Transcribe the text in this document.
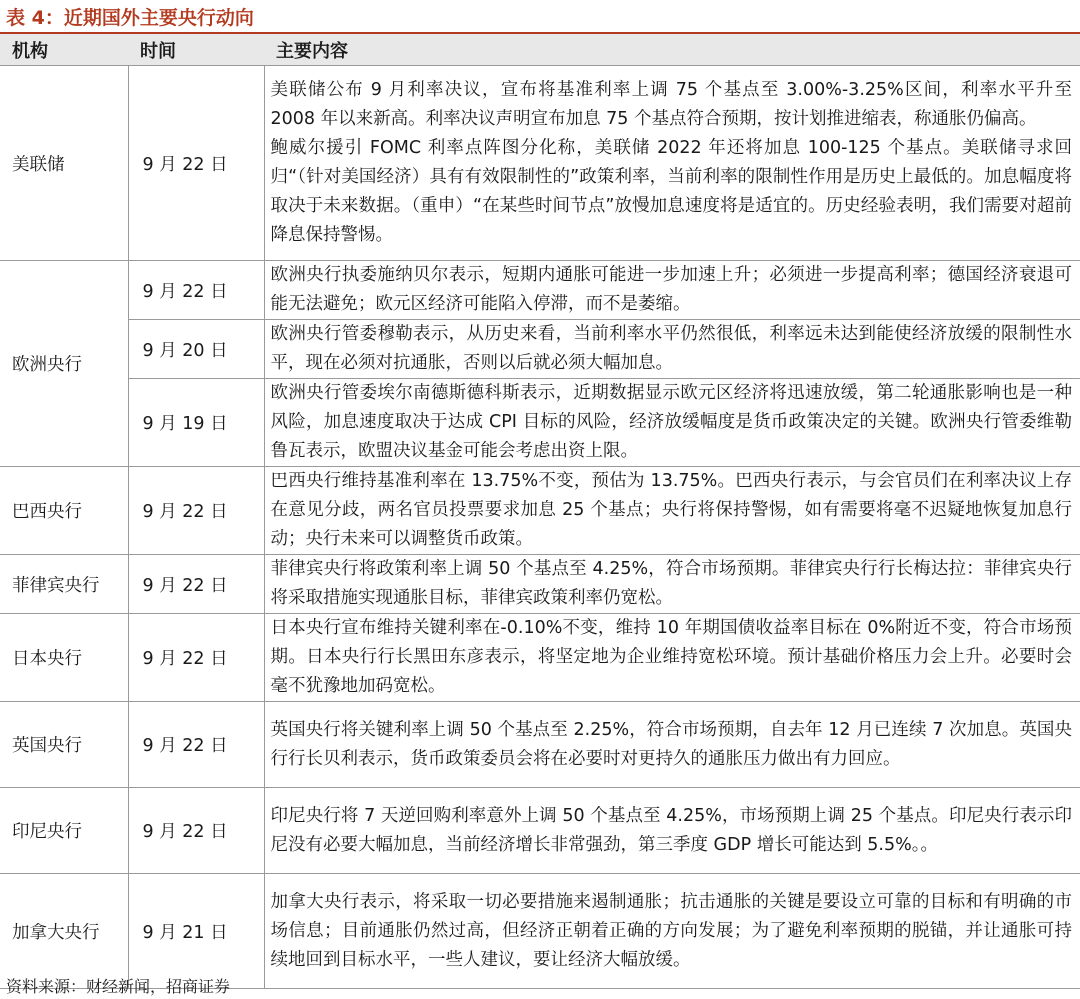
表 4：近期国外主要央行动向
机构	时间	主要内容
美联储	9 月 22 日	美联储公布 9 月利率决议，宣布将基准利率上调 75 个基点至 3.00%-3.25%区间，利率水平升至 2008 年以来新高。利率决议声明宣布加息 75 个基点符合预期，按计划推进缩表，称通胀仍偏高。

鲍威尔援引 FOMC 利率点阵图分化称，美联储 2022 年还将加息 100-125 个基点。美联储寻求回归“（针对美国经济）具有有效限制性的”政策利率，当前利率的限制性作用是历史上最低的。加息幅度将取决于未来数据。（重申）“在某些时间节点”放慢加息速度将是适宜的。历史经验表明，我们需要对超前降息保持警惕。

欧洲央行	9 月 22 日	欧洲央行执委施纳贝尔表示，短期内通胀可能进一步加速上升；必须进一步提高利率；德国经济衰退可能无法避免；欧元区经济可能陷入停滞，而不是萎缩。

	9 月 20 日	欧洲央行管委穆勒表示，从历史来看，当前利率水平仍然很低，利率远未达到能使经济放缓的限制性水平，现在必须对抗通胀，否则以后就必须大幅加息。

	9 月 19 日	欧洲央行管委埃尔南德斯德科斯表示，近期数据显示欧元区经济将迅速放缓，第二轮通胀影响也是一种风险，加息速度取决于达成 CPI 目标的风险，经济放缓幅度是货币政策决定的关键。欧洲央行管委维勒鲁瓦表示，欧盟决议基金可能会考虑出资上限。

巴西央行	9 月 22 日	巴西央行维持基准利率在 13.75%不变，预估为 13.75%。巴西央行表示，与会官员们在利率决议上存在意见分歧，两名官员投票要求加息 25 个基点；央行将保持警惕，如有需要将毫不迟疑地恢复加息行动；央行未来可以调整货币政策。

菲律宾央行	9 月 22 日	菲律宾央行将政策利率上调 50 个基点至 4.25%，符合市场预期。菲律宾央行行长梅达拉：菲律宾央行将采取措施实现通胀目标，菲律宾政策利率仍宽松。

日本央行	9 月 22 日	日本央行宣布维持关键利率在-0.10%不变，维持 10 年期国债收益率目标在 0%附近不变，符合市场预期。日本央行行长黑田东彦表示，将坚定地为企业维持宽松环境。预计基础价格压力会上升。必要时会毫不犹豫地加码宽松。

英国央行	9 月 22 日	英国央行将关键利率上调 50 个基点至 2.25%，符合市场预期，自去年 12 月已连续 7 次加息。英国央行行长贝利表示，货币政策委员会将在必要时对更持久的通胀压力做出有力回应。

印尼央行	9 月 22 日	印尼央行将 7 天逆回购利率意外上调 50 个基点至 4.25%，市场预期上调 25 个基点。印尼央行表示印尼没有必要大幅加息，当前经济增长非常强劲，第三季度 GDP 增长可能达到 5.5%。。

加拿大央行	9 月 21 日	加拿大央行表示，将采取一切必要措施来遏制通胀；抗击通胀的关键是要设立可靠的目标和有明确的市场信息；目前通胀仍然过高，但经济正朝着正确的方向发展；为了避免利率预期的脱锚，并让通胀可持续地回到目标水平，一些人建议，要让经济大幅放缓。

资料来源：财经新闻，招商证券
